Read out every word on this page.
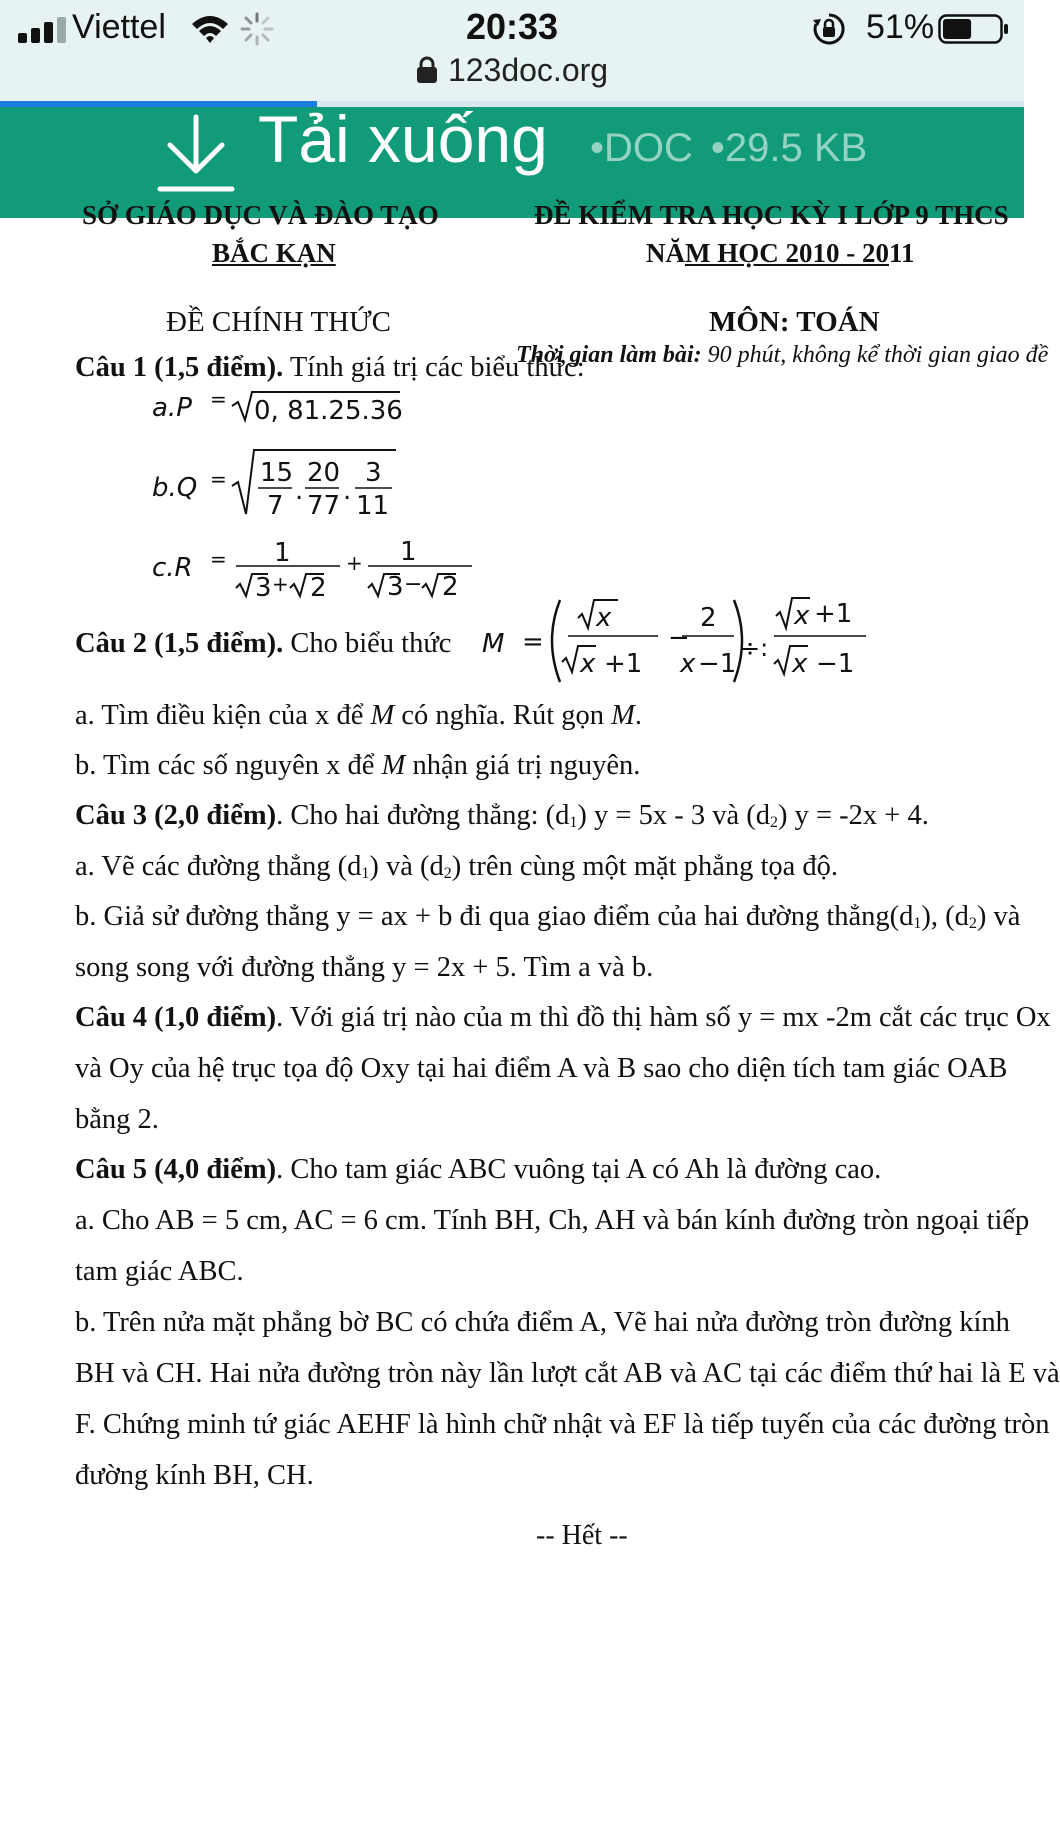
Viettel	20:33	51%
123doc.org
Tải xuống •DOC •29.5 KB
SỞ GIÁO DỤC VÀ ĐÀO TẠO	ĐỀ KIỂM TRA HỌC KỲ I LỚP 9 THCS
BẮC KẠN	NĂM HỌC 2010 - 2011
ĐỀ CHÍNH THỨC	MÔN: TOÁN
Thời gian làm bài: 90 phút, không kể thời gian giao đề
Câu 1 (1,5 điểm). Tính giá trị các biểu thức:
a.P = 0, 81.25.36
b.Q = 15
7 .
20
77 .
3
11
c.R = 1
3 + 2
+ 1
3 − 2
Câu 2 (1,5 điểm). Cho biểu thức M =
x
x +1
−
2
x −1
÷:
x +1
x −1
a. Tìm điều kiện của x để M có nghĩa. Rút gọn M.
b. Tìm các số nguyên x để M nhận giá trị nguyên.
Câu 3 (2,0 điểm). Cho hai đường thẳng: $(d_1) y = 5x - 3$ và $(d_2) y = -2x + 4$.
a. Vẽ các đường thẳng $(d_1)$ và $(d_2)$ trên cùng một mặt phẳng tọa độ.
b. Giả sử đường thẳng y = ax + b đi qua giao điểm của hai đường $thẳng(d_1)$, $(d_2)$ và
song song với đường thẳng y = 2x + 5. Tìm a và b.
Câu 4 (1,0 điểm). Với giá trị nào của m thì đồ thị hàm số y = mx -2m cắt các trục Ox
và Oy của hệ trục tọa độ Oxy tại hai điểm A và B sao cho diện tích tam giác OAB
bằng 2.
Câu 5 (4,0 điểm). Cho tam giác ABC vuông tại A có Ah là đường cao.
a. Cho AB = 5 cm, AC = 6 cm. Tính BH, Ch, AH và bán kính đường tròn ngoại tiếp
tam giác ABC.
b. Trên nửa mặt phẳng bờ BC có chứa điểm A, Vẽ hai nửa đường tròn đường kính
BH và CH. Hai nửa đường tròn này lần lượt cắt AB và AC tại các điểm thứ hai là E và
F. Chứng minh tứ giác AEHF là hình chữ nhật và EF là tiếp tuyến của các đường tròn
đường kính BH, CH.
-- Hết --
